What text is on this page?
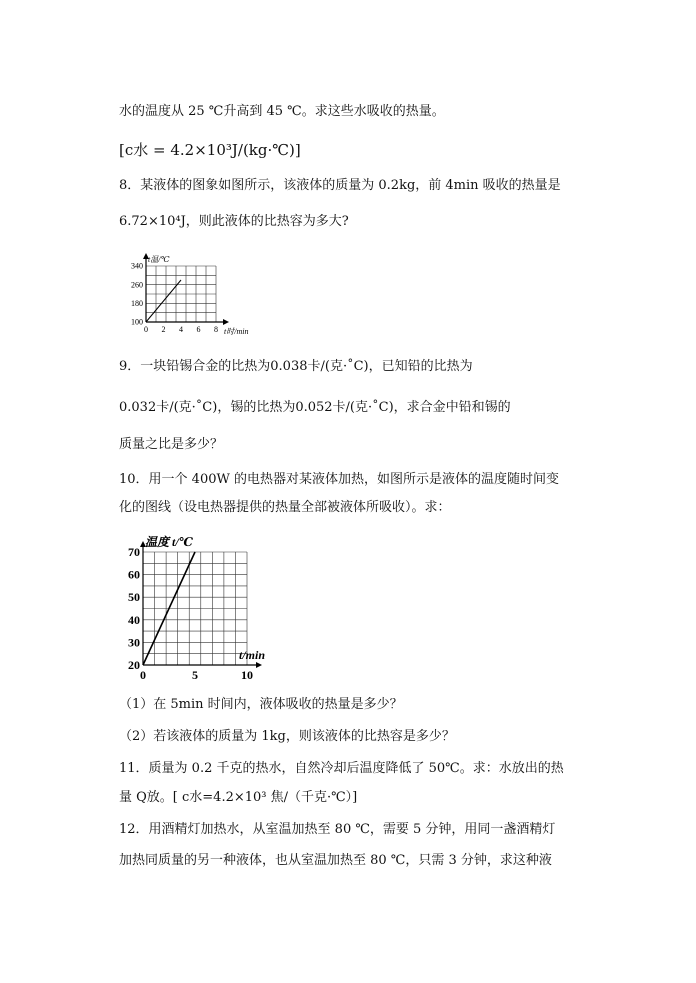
水的温度从 25 ℃升高到 45 ℃。求这些水吸收的热量。
[c水 = 4.2×10³J/(kg·℃)]
8．某液体的图象如图所示，该液体的质量为 0.2kg，前 4min 吸收的热量是
6.72×10⁴J，则此液体的比热容为多大?
0 2 4 6 8
100
180
260
340
t温/℃
t时/min
9．一块铅锡合金的比热为0.038卡/(克·˚C)，已知铅的比热为
0.032卡/(克·˚C)，锡的比热为0.052卡/(克·˚C)，求合金中铅和锡的
质量之比是多少？
10．用一个 400W 的电热器对某液体加热，如图所示是液体的温度随时间变
化的图线（设电热器提供的热量全部被液体所吸收）。求：
0	5	10
20
30
40
50
60
70
温度 t/℃
t/min
（1）在 5min 时间内，液体吸收的热量是多少？
（2）若该液体的质量为 1kg，则该液体的比热容是多少？
11．质量为 0.2 千克的热水，自然冷却后温度降低了 50℃。求：水放出的热
量 Q放。[ c水=4.2×10³ 焦/（千克·℃）]
12．用酒精灯加热水，从室温加热至 80 ℃，需要 5 分钟，用同一盏酒精灯
加热同质量的另一种液体，也从室温加热至 80 ℃，只需 3 分钟，求这种液
